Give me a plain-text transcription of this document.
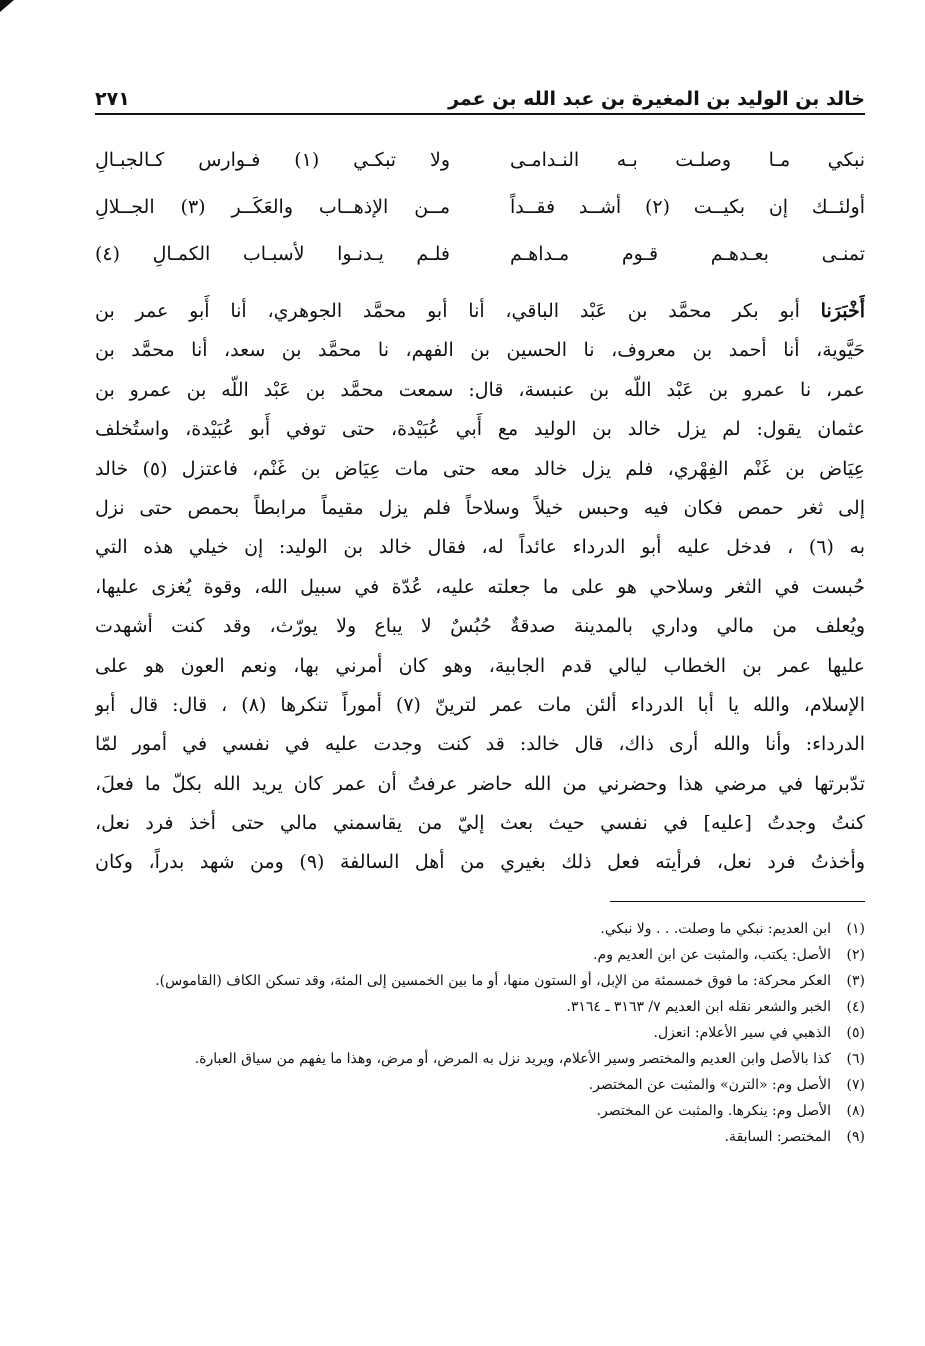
خالد بن الوليد بن المغيرة بن عبد الله بن عمر
٢٧١
نبكي مـا وصلـت بـه النـدامـى
ولا تبكـي (١) فـوارس كـالجبـالِ
أولئــك إن بكيــت (٢) أشــد فقــداً
مــن الإذهــاب والعَكَــر (٣) الجــلالِ
تمنـى بعـدهـم قـوم مـداهـم
فلـم يـدنـوا لأسبـاب الكمـالِ (٤)
أَخْبَرَنا أبو بكر محمَّد بن عَبْد الباقي، أنا أبو محمَّد الجوهري، أنا أَبو عمر بن
حَيَّوية، أنا أحمد بن معروف، نا الحسين بن الفهم، نا محمَّد بن سعد، أنا محمَّد بن
عمر، نا عمرو بن عَبْد اللّه بن عنبسة، قال: سمعت محمَّد بن عَبْد اللّه بن عمرو بن
عثمان يقول: لم يزل خالد بن الوليد مع أَبي عُبَيْدة، حتى توفي أَبو عُبَيْدة، واستُخلف
عِيَاض بن غَنْم الفِهْري، فلم يزل خالد معه حتى مات عِيَاض بن غَنْم، فاعتزل (٥) خالد
إلى ثغر حمص فكان فيه وحبس خيلاً وسلاحاً فلم يزل مقيماً مرابطاً بحمص حتى نزل
به (٦) ، فدخل عليه أبو الدرداء عائداً له، فقال خالد بن الوليد: إن خيلي هذه التي
حُبست في الثغر وسلاحي هو على ما جعلته عليه، عُدّة في سبيل الله، وقوة يُغزى عليها،
ويُعلف من مالي وداري بالمدينة صدقةٌ حُبُسٌ لا يباع ولا يورّث، وقد كنت أشهدت
عليها عمر بن الخطاب ليالي قدم الجابية، وهو كان أمرني بها، ونعم العون هو على
الإسلام، والله يا أبا الدرداء ألئن مات عمر لترينّ (٧) أموراً تنكرها (٨) ، قال: قال أبو
الدرداء: وأنا والله أرى ذاك، قال خالد: قد كنت وجدت عليه في نفسي في أمور لمّا
تدّبرتها في مرضي هذا وحضرني من الله حاضر عرفتُ أن عمر كان يريد الله بكلّ ما فعلَ،
كنتُ وجدتُ [عليه] في نفسي حيث بعث إليّ من يقاسمني مالي حتى أخذ فرد نعل،
وأخذتُ فرد نعل، فرأيته فعل ذلك بغيري من أهل السالفة (٩) ومن شهد بدراً، وكان
(١)
ابن العديم: نبكي ما وصلت. . . ولا نبكي.
(٢)
الأصل: يكتب، والمثبت عن ابن العديم وم.
(٣)
العكر محركة: ما فوق خمسمئة من الإبل، أو الستون منها، أو ما بين الخمسين إلى المئة، وقد تسكن الكاف (القاموس).
(٤)
الخبر والشعر نقله ابن العديم ٧/ ٣١٦٣ ـ ٣١٦٤.
(٥)
الذهبي في سير الأعلام: انعزل.
(٦)
كذا بالأصل وابن العديم والمختصر وسير الأعلام، ويريد نزل به المرض، أو مرض، وهذا ما يفهم من سياق العبارة.
(٧)
الأصل وم: «الترن» والمثبت عن المختصر.
(٨)
الأصل وم: ينكرها. والمثبت عن المختصر.
(٩)
المختصر: السابقة.
